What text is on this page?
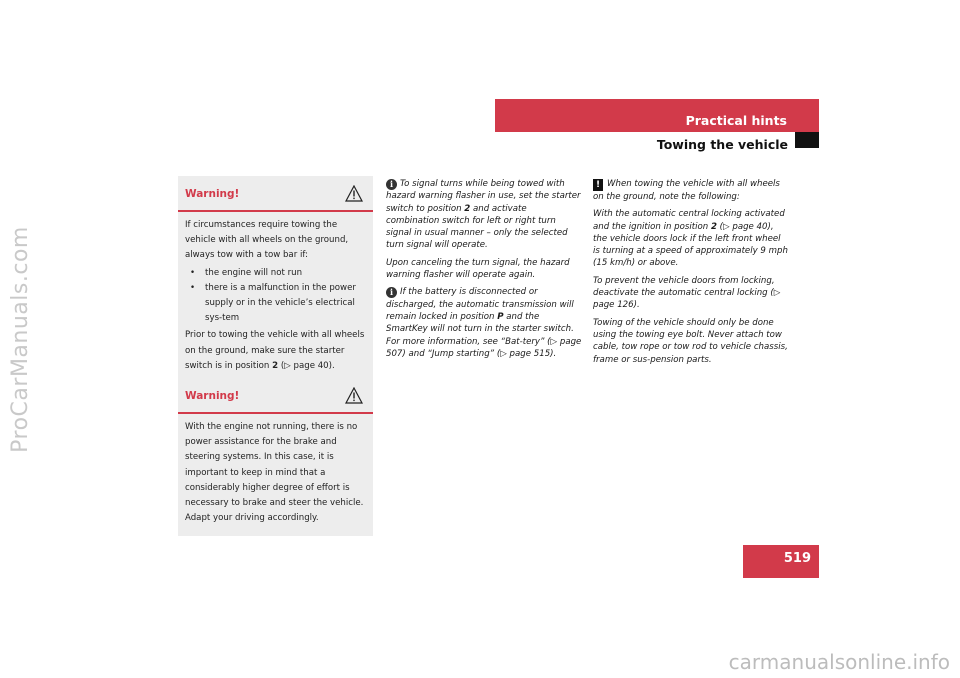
ProCarManuals.com
Practical hints
Towing the vehicle
Warning!

If circumstances require towing the vehicle with all wheels on the ground, always tow with a tow bar if:

• the engine will not run
• there is a malfunction in the power supply or in the vehicle’s electrical sys-tem

Prior to towing the vehicle with all wheels on the ground, make sure the starter switch is in position 2 (▷ page 40).

Warning!

With the engine not running, there is no power assistance for the brake and steering systems. In this case, it is important to keep in mind that a considerably higher degree of effort is necessary to brake and steer the vehicle. Adapt your driving accordingly.

i To signal turns while being towed with hazard warning flasher in use, set the starter switch to position 2 and activate combination switch for left or right turn signal in usual manner – only the selected turn signal will operate.

Upon canceling the turn signal, the hazard warning flasher will operate again.

i If the battery is disconnected or discharged, the automatic transmission will remain locked in position P and the SmartKey will not turn in the starter switch. For more information, see “Bat-tery” (▷ page 507) and “Jump starting” (▷ page 515).

! When towing the vehicle with all wheels on the ground, note the following:

With the automatic central locking activated and the ignition in position 2 (▷ page 40), the vehicle doors lock if the left front wheel is turning at a speed of approximately 9 mph (15 km/h) or above.

To prevent the vehicle doors from locking, deactivate the automatic central locking (▷ page 126).

Towing of the vehicle should only be done using the towing eye bolt. Never attach tow cable, tow rope or tow rod to vehicle chassis, frame or sus-pension parts.

519
carmanualsonline.info
